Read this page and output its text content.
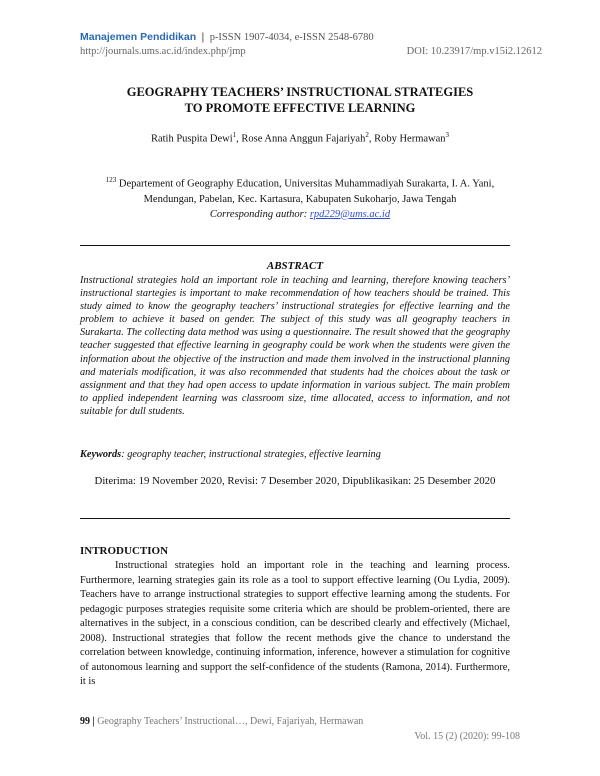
Manajemen Pendidikan | p-ISSN 1907-4034, e-ISSN 2548-6780
http://journals.ums.ac.id/index.php/jmp	DOI: 10.23917/mp.v15i2.12612
GEOGRAPHY TEACHERS’ INSTRUCTIONAL STRATEGIES
TO PROMOTE EFFECTIVE LEARNING
Ratih Puspita Dewi$^1$, Rose Anna Anggun Fajariyah$^2$, Roby Hermawan$^3$
$^{123}$ Departement of Geography Education, Universitas Muhammadiyah Surakarta, I. A. Yani, Mendungan, Pabelan, Kec. Kartasura, Kabupaten Sukoharjo, Jawa Tengah
Corresponding author: rpd229@ums.ac.id
ABSTRACT
Instructional strategies hold an important role in teaching and learning, therefore knowing teachers’ instructional startegies is important to make recommendation of how teachers should be trained. This study aimed to know the geography teachers’ instructional strategies for effective learning and the problem to achieve it based on gender. The subject of this study was all geography teachers in Surakarta. The collecting data method was using a questionnaire. The result showed that the geography teacher suggested that effective learning in geography could be work when the students were given the information about the objective of the instruction and made them involved in the instructional planning and materials modification, it was also recommended that students had the choices about the task or assignment and that they had open access to update information in various subject. The main problem to applied independent learning was classroom size, time allocated, access to information, and not suitable for dull students.
Keywords: geography teacher, instructional strategies, effective learning
Diterima: 19 November 2020, Revisi: 7 Desember 2020, Dipublikasikan: 25 Desember 2020
INTRODUCTION
Instructional strategies hold an important role in the teaching and learning process. Furthermore, learning strategies gain its role as a tool to support effective learning (Ou Lydia, 2009). Teachers have to arrange instructional strategies to support effective learning among the students. For pedagogic purposes strategies requisite some criteria which are should be problem-oriented, there are alternatives in the subject, in a conscious condition, can be described clearly and effectively (Michael, 2008). Instructional strategies that follow the recent methods give the chance to understand the correlation between knowledge, continuing information, inference, however a stimulation for cognitive of autonomous learning and support the self-confidence of the students (Ramona, 2014). Furthermore, it is
99 | Geography Teachers’ Instructional…, Dewi, Fajariyah, Hermawan
Vol. 15 (2) (2020): 99-108
